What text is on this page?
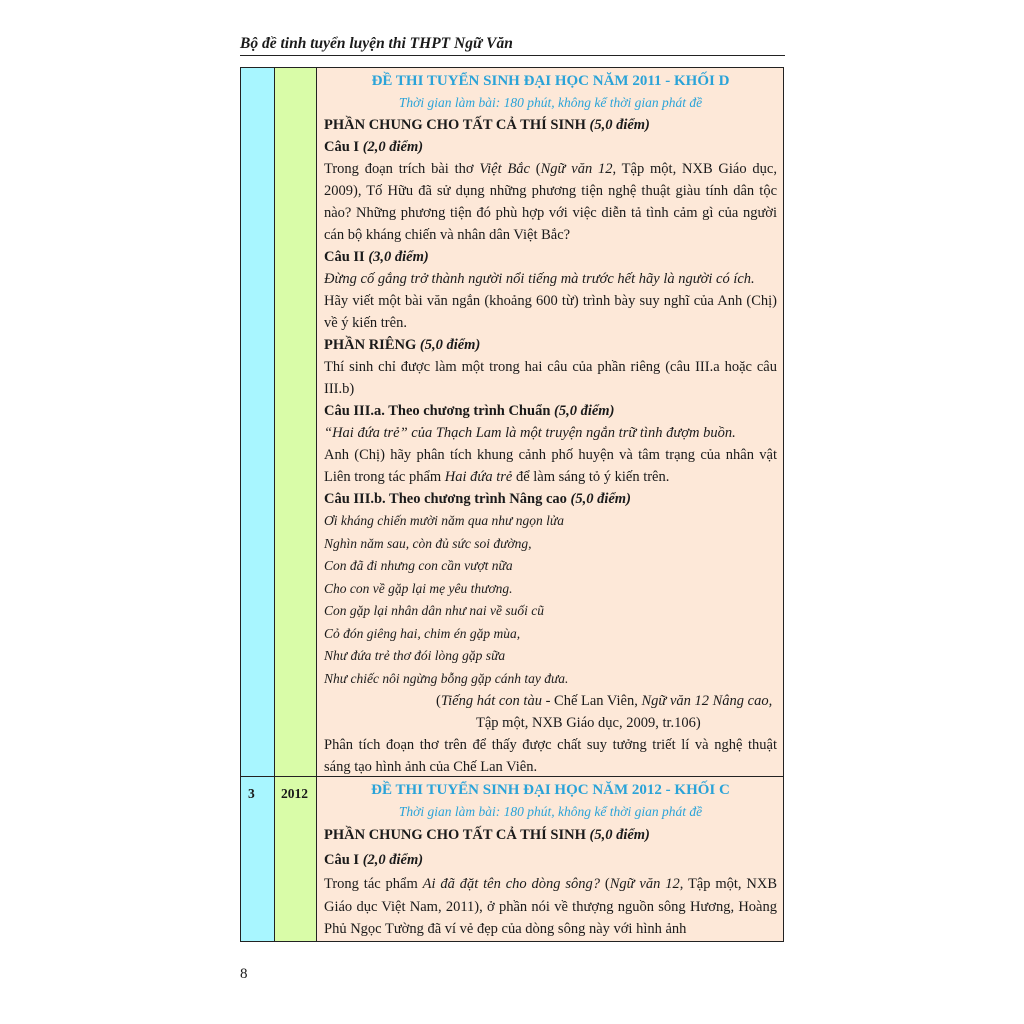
Bộ đề tinh tuyển luyện thi THPT Ngữ Văn
ĐỀ THI TUYỂN SINH ĐẠI HỌC NĂM 2011 - KHỐI D
Thời gian làm bài: 180 phút, không kể thời gian phát đề
PHẦN CHUNG CHO TẤT CẢ THÍ SINH (5,0 điểm)
Câu I (2,0 điểm)
Trong đoạn trích bài thơ Việt Bắc (Ngữ văn 12, Tập một, NXB Giáo dục, 2009), Tố Hữu đã sử dụng những phương tiện nghệ thuật giàu tính dân tộc nào? Những phương tiện đó phù hợp với việc diễn tả tình cảm gì của người cán bộ kháng chiến và nhân dân Việt Bắc?
Câu II (3,0 điểm)
Đừng cố gắng trở thành người nổi tiếng mà trước hết hãy là người có ích.
Hãy viết một bài văn ngắn (khoảng 600 từ) trình bày suy nghĩ của Anh (Chị) về ý kiến trên.
PHẦN RIÊNG (5,0 điểm)
Thí sinh chỉ được làm một trong hai câu của phần riêng (câu III.a hoặc câu III.b)
Câu III.a. Theo chương trình Chuẩn (5,0 điểm)
“Hai đứa trẻ” của Thạch Lam là một truyện ngắn trữ tình đượm buồn.
Anh (Chị) hãy phân tích khung cảnh phố huyện và tâm trạng của nhân vật Liên trong tác phẩm Hai đứa trẻ để làm sáng tỏ ý kiến trên.
Câu III.b. Theo chương trình Nâng cao (5,0 điểm)
Ơi kháng chiến mười năm qua như ngọn lửa
Nghìn năm sau, còn đủ sức soi đường,
Con đã đi nhưng con cần vượt nữa
Cho con về gặp lại mẹ yêu thương.
Con gặp lại nhân dân như nai về suối cũ
Cỏ đón giêng hai, chim én gặp mùa,
Như đứa trẻ thơ đói lòng gặp sữa
Như chiếc nôi ngừng bỗng gặp cánh tay đưa.
(Tiếng hát con tàu - Chế Lan Viên, Ngữ văn 12 Nâng cao,
Tập một, NXB Giáo dục, 2009, tr.106)
Phân tích đoạn thơ trên để thấy được chất suy tưởng triết lí và nghệ thuật sáng tạo hình ảnh của Chế Lan Viên.
3	2012	ĐỀ THI TUYỂN SINH ĐẠI HỌC NĂM 2012 - KHỐI C
Thời gian làm bài: 180 phút, không kể thời gian phát đề
PHẦN CHUNG CHO TẤT CẢ THÍ SINH (5,0 điểm)
Câu I (2,0 điểm)
Trong tác phẩm Ai đã đặt tên cho dòng sông? (Ngữ văn 12, Tập một, NXB Giáo dục Việt Nam, 2011), ở phần nói về thượng nguồn sông Hương, Hoàng Phủ Ngọc Tường đã ví vẻ đẹp của dòng sông này với hình ảnh
8
